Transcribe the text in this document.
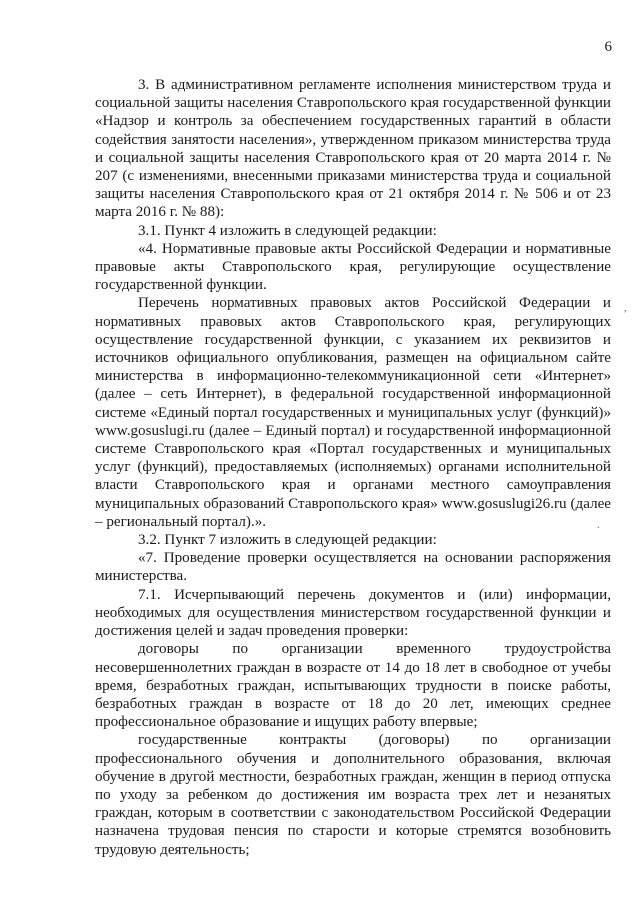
6

3. В административном регламенте исполнения министерством труда и социальной защиты населения Ставропольского края государственной функции «Надзор и контроль за обеспечением государственных гарантий в области содействия занятости населения», утвержденном приказом министерства труда и социальной защиты населения Ставропольского края от 20 марта 2014 г. № 207 (с изменениями, внесенными приказами министерства труда и социальной защиты населения Ставропольского края от 21 октября 2014 г. № 506 и от 23 марта 2016 г. № 88):

3.1. Пункт 4 изложить в следующей редакции:

«4. Нормативные правовые акты Российской Федерации и нормативные правовые акты Ставропольского края, регулирующие осуществление государственной функции.

Перечень нормативных правовых актов Российской Федерации и нормативных правовых актов Ставропольского края, регулирующих осуществление государственной функции, с указанием их реквизитов и источников официального опубликования, размещен на официальном сайте министерства в информационно-телекоммуникационной сети «Интернет» (далее – сеть Интернет), в федеральной государственной информационной системе «Единый портал государственных и муниципальных услуг (функций)» www.gosuslugi.ru (далее – Единый портал) и государственной информационной системе Ставропольского края «Портал государственных и муниципальных услуг (функций), предоставляемых (исполняемых) органами исполнительной власти Ставропольского края и органами местного самоуправления муниципальных образований Ставропольского края» www.gosuslugi26.ru (далее – региональный портал).».

3.2. Пункт 7 изложить в следующей редакции:

«7. Проведение проверки осуществляется на основании распоряжения министерства.

7.1. Исчерпывающий перечень документов и (или) информации, необходимых для осуществления министерством государственной функции и достижения целей и задач проведения проверки:

договоры по организации временного трудоустройства несовершеннолетних граждан в возрасте от 14 до 18 лет в свободное от учебы время, безработных граждан, испытывающих трудности в поиске работы, безработных граждан в возрасте от 18 до 20 лет, имеющих среднее профессиональное образование и ищущих работу впервые;

государственные контракты (договоры) по организации профессионального обучения и дополнительного образования, включая обучение в другой местности, безработных граждан, женщин в период отпуска по уходу за ребенком до достижения им возраста трех лет и незанятых граждан, которым в соответствии с законодательством Российской Федерации назначена трудовая пенсия по старости и которые стремятся возобновить трудовую деятельность;

,
.
